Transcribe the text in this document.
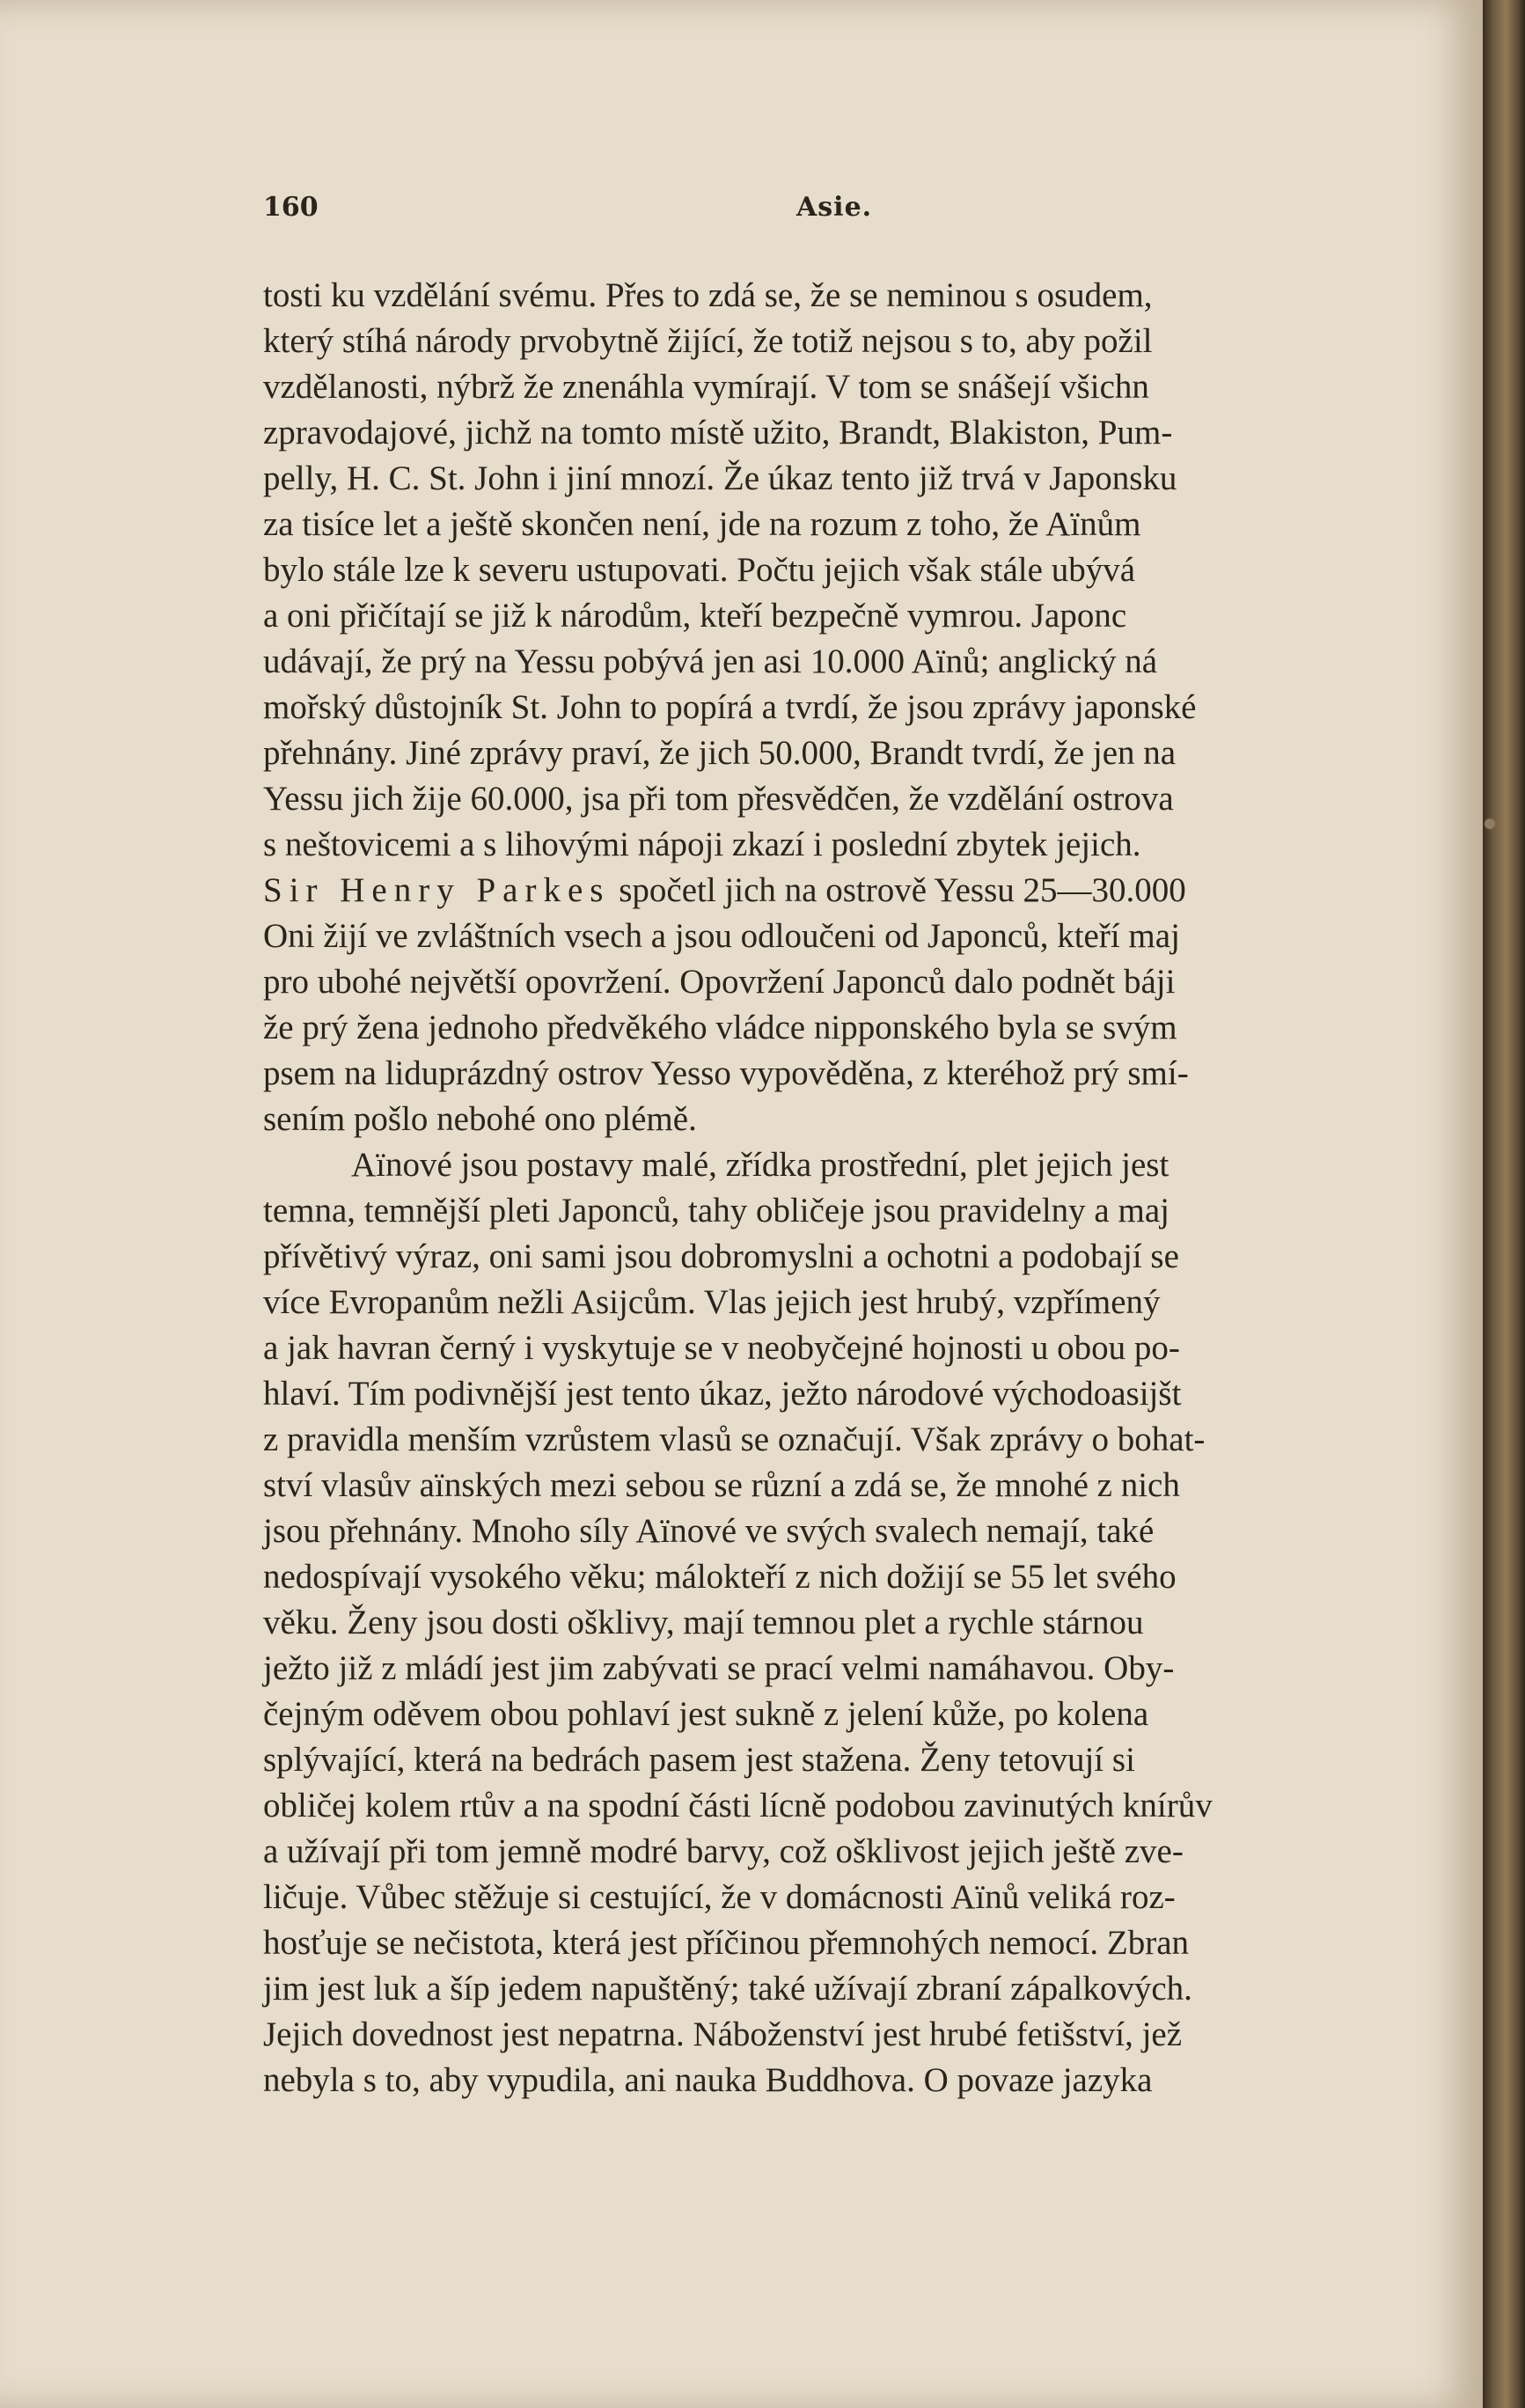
160	Asie.
tosti ku vzdělání svému. Přes to zdá se, že se neminou s osudem,
který stíhá národy prvobytně žijící, že totiž nejsou s to, aby požil
vzdělanosti, nýbrž že znenáhla vymírají. V tom se snášejí všichn
zpravodajové, jichž na tomto místě užito, Brandt, Blakiston, Pum-
pelly, H. C. St. John i jiní mnozí. Že úkaz tento již trvá v Japonsku
za tisíce let a ještě skončen není, jde na rozum z toho, že Aïnům
bylo stále lze k severu ustupovati. Počtu jejich však stále ubývá
a oni přičítají se již k národům, kteří bezpečně vymrou. Japonc
udávají, že prý na Yessu pobývá jen asi 10.000 Aïnů; anglický ná
mořský důstojník St. John to popírá a tvrdí, že jsou zprávy japonské
přehnány. Jiné zprávy praví, že jich 50.000, Brandt tvrdí, že jen na
Yessu jich žije 60.000, jsa při tom přesvědčen, že vzdělání ostrova
s neštovicemi a s lihovými nápoji zkazí i poslední zbytek jejich.
Sir Henry Parkes spočetl jich na ostrově Yessu 25—30.000
Oni žijí ve zvláštních vsech a jsou odloučeni od Japonců, kteří maj
pro ubohé největší opovržení. Opovržení Japonců dalo podnět báji
že prý žena jednoho předvěkého vládce nipponského byla se svým
psem na liduprázdný ostrov Yesso vypověděna, z kteréhož prý smí-
sením pošlo nebohé ono plémě.
Aïnové jsou postavy malé, zřídka prostřední, plet jejich jest
temna, temnější pleti Japonců, tahy obličeje jsou pravidelny a maj
přívětivý výraz, oni sami jsou dobromyslni a ochotni a podobají se
více Evropanům nežli Asijcům. Vlas jejich jest hrubý, vzpřímený
a jak havran černý i vyskytuje se v neobyčejné hojnosti u obou po-
hlaví. Tím podivnější jest tento úkaz, ježto národové východoasijšt
z pravidla menším vzrůstem vlasů se označují. Však zprávy o bohat-
ství vlasův aïnských mezi sebou se různí a zdá se, že mnohé z nich
jsou přehnány. Mnoho síly Aïnové ve svých svalech nemají, také
nedospívají vysokého věku; málokteří z nich dožijí se 55 let svého
věku. Ženy jsou dosti ošklivy, mají temnou plet a rychle stárnou
ježto již z mládí jest jim zabývati se prací velmi namáhavou. Oby-
čejným oděvem obou pohlaví jest sukně z jelení kůže, po kolena
splývající, která na bedrách pasem jest stažena. Ženy tetovují si
obličej kolem rtův a na spodní části lícně podobou zavinutých knírův
a užívají při tom jemně modré barvy, což ošklivost jejich ještě zve-
ličuje. Vůbec stěžuje si cestující, že v domácnosti Aïnů veliká roz-
hosťuje se nečistota, která jest příčinou přemnohých nemocí. Zbran
jim jest luk a šíp jedem napuštěný; také užívají zbraní zápalkových.
Jejich dovednost jest nepatrna. Náboženství jest hrubé fetišství, jež
nebyla s to, aby vypudila, ani nauka Buddhova. O povaze jazyka
